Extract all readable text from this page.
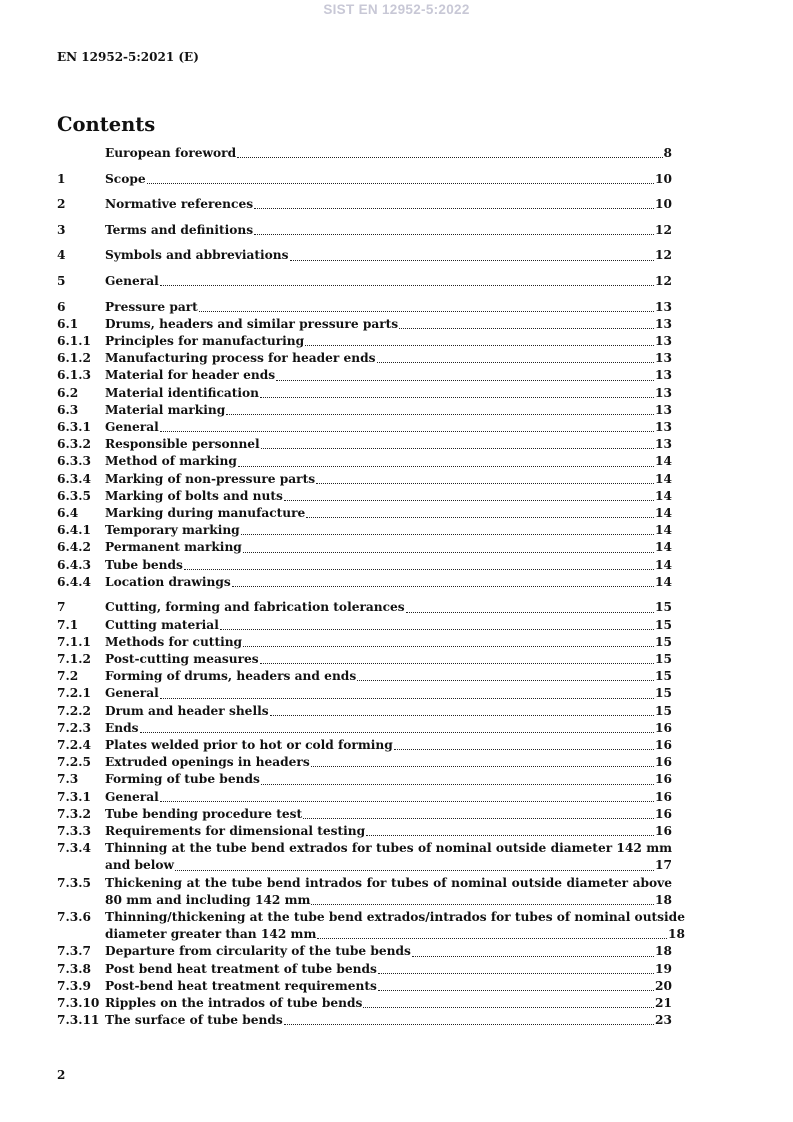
SIST EN 12952-5:2022
EN 12952-5:2021 (E)
Contents
European foreword	8
1	Scope	10
2	Normative references	10
3	Terms and definitions	12
4	Symbols and abbreviations	12
5	General	12
6	Pressure part	13
6.1	Drums, headers and similar pressure parts	13
6.1.1	Principles for manufacturing	13
6.1.2	Manufacturing process for header ends	13
6.1.3	Material for header ends	13
6.2	Material identification	13
6.3	Material marking	13
6.3.1	General	13
6.3.2	Responsible personnel	13
6.3.3	Method of marking	14
6.3.4	Marking of non-pressure parts	14
6.3.5	Marking of bolts and nuts	14
6.4	Marking during manufacture	14
6.4.1	Temporary marking	14
6.4.2	Permanent marking	14
6.4.3	Tube bends	14
6.4.4	Location drawings	14
7	Cutting, forming and fabrication tolerances	15
7.1	Cutting material	15
7.1.1	Methods for cutting	15
7.1.2	Post-cutting measures	15
7.2	Forming of drums, headers and ends	15
7.2.1	General	15
7.2.2	Drum and header shells	15
7.2.3	Ends	16
7.2.4	Plates welded prior to hot or cold forming	16
7.2.5	Extruded openings in headers	16
7.3	Forming of tube bends	16
7.3.1	General	16
7.3.2	Tube bending procedure test	16
7.3.3	Requirements for dimensional testing	16
7.3.4	Thinning at the tube bend extrados for tubes of nominal outside diameter 142 mm
and below	17
7.3.5	Thickening at the tube bend intrados for tubes of nominal outside diameter above
80 mm and including 142 mm	18
7.3.6	Thinning/thickening at the tube bend extrados/intrados for tubes of nominal outside
diameter greater than 142 mm	18
7.3.7	Departure from circularity of the tube bends	18
7.3.8	Post bend heat treatment of tube bends	19
7.3.9	Post-bend heat treatment requirements	20
7.3.10 Ripples on the intrados of tube bends	21
7.3.11 The surface of tube bends	23
2
